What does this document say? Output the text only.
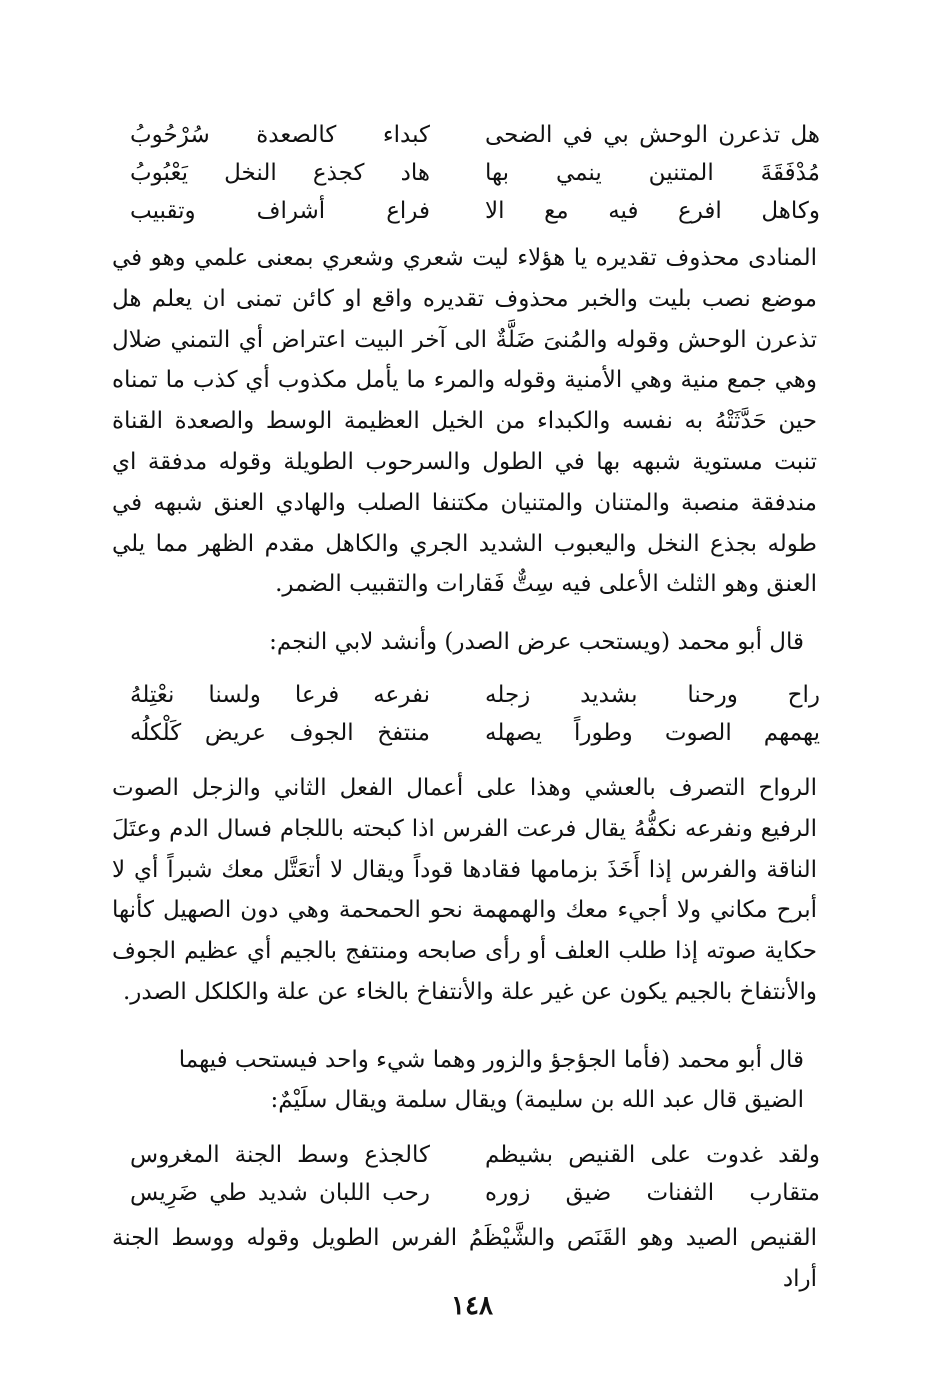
هل تذعرن الوحش بي في الضحى
كبداء كالصعدة سُرْحُوبُ
مُدْفَقَةَ المتنين ينمي بها
هاد كجذع النخل يَعْبُوبُ
وكاهل افرع فيه مع الا
فراع أشراف وتقبيب

المنادى محذوف تقديره يا هؤلاء ليت شعري وشعري بمعنى علمي وهو في موضع نصب بليت والخبر محذوف تقديره واقع او كائن تمنى ان يعلم هل تذعرن الوحش وقوله والمُنىَ ضَلَّةٌ الى آخر البيت اعتراض أي التمني ضلال وهي جمع منية وهي الأمنية وقوله والمرء ما يأمل مكذوب أي كذب ما تمناه حين حَدَّثَتْهُ به نفسه والكبداء من الخيل العظيمة الوسط والصعدة القناة تنبت مستوية شبهه بها في الطول والسرحوب الطويلة وقوله مدفقة اي مندفقة منصبة والمتنان والمتنيان مكتنفا الصلب والهادي العنق شبهه في طوله بجذع النخل واليعبوب الشديد الجري والكاهل مقدم الظهر مما يلي العنق وهو الثلث الأعلى فيه سِتٌّ فَقارات والتقبيب الضمر.

قال أبو محمد (ويستحب عرض الصدر) وأنشد لابي النجم:

راح ورحنا بشديد زجله
نفرعه فرعا ولسنا نعْتِلهُ
يهمهم الصوت وطوراً يصهله
منتفخ الجوف عريض كَلْكلُه

الرواح التصرف بالعشي وهذا على أعمال الفعل الثاني والزجل الصوت الرفيع ونفرعه نكفُّهُ يقال فرعت الفرس اذا كبحته باللجام فسال الدم وعتَلَ الناقة والفرس إذا أَخَذَ بزمامها فقادها قوداً ويقال لا أتعَتَّل معك شبراً أي لا أبرح مكاني ولا أجيء معك والهمهمة نحو الحمحمة وهي دون الصهيل كأنها حكاية صوته إذا طلب العلف أو رأى صابحه ومنتفج بالجيم أي عظيم الجوف والأنتفاخ بالجيم يكون عن غير علة والأنتفاخ بالخاء عن علة والكلكل الصدر.

قال أبو محمد (فأما الجؤجؤ والزور وهما شيء واحد فيستحب فيهما الضيق قال عبد الله بن سليمة) ويقال سلمة ويقال سلَيْمٌ:

ولقد غدوت على القنيص بشيظم
كالجذع وسط الجنة المغروس
متقارب الثفنات ضيق زوره
رحب اللبان شديد طي ضَرِيس

القنيص الصيد وهو القَنَص والشَّيْظَمُ الفرس الطويل وقوله ووسط الجنة أراد

١٤٨
